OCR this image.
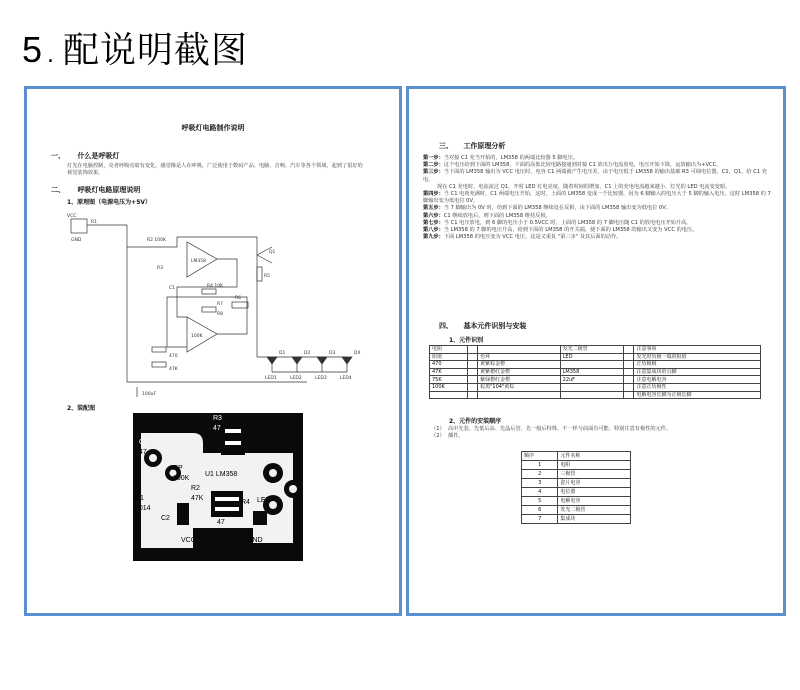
5 . 配说明截图
呼吸灯电路制作说明
一、 什么是呼吸灯
灯光在电脑控制，亮者呼吸亮暗有变化，感觉像是人在呼吸，广泛使用于数码产品、电脑、音响、汽车等各个领域，起到了很好的视觉装饰效果。
二、 呼吸灯电路原理说明
1、原理图（电源电压为+5V）
R1
R2 100K
R3
LM358
R4 10K
C1
R5
Q1
D1	D2	D3	D4
R6
R7
R8
VCC
GND
LED1	LED2	LED3	LED4
470
47K
100K
100uF
2、装配图
R3
47
C1
47
U1 LM358
RP
100K
R2
47K
D1
9014
C2
R4
47
LED
VCC	GND
三、 工作原理分析
第一步：当对接 C1 充当开始的，LM358 的两端比较器 5 脚电压。
第二步：这个电压给到下面的 LM358，下面的高低比较电路接通到对接 C1 放出万电流放电，电压开始下降，运放输出为+VCC。
第三步：当下面的 LM358 输出为 VCC 电压时，电容 C1 两端就产生电压差，由于电压低于 LM358 的输出基础 R3 可调电位器，C1、Q1、给 C1 充电。
现在 C1 充电时，电流流过 Q1，开时 LED 灯电亮度，随着时间的增加，C1 上的充电电流越来越小，灯光的 LED 电流变变暗。
第四步：当 C1 电荷充满时，C1 两端电压开始，这时，上面的 LM358 变成一个比较器，因为 6 脚输入的电压大于 5 脚的输入电压，这时 LM358 的 7 脚输出变为低电位 0V。
第五步：当 7 脚输出为 0V 时，给到下面的 LM358 继续处在反相，由下面的 LM358 输出变为低电位 0V。
第六步：C1 继续放电后，则下面的 LM358 维持反相。
第七步：当 C1 电压放电，到 6 脚的电压小于 0.5VCC 时，上面的 LM358 的 7 脚电压随 C1 的放电电压开始升高。
第八步：当 LM358 的 7 脚的电压升高，给到下面的 LM358 的开关端，使下面的 LM358 的输出又变为 VCC 的电压。
第九步：下面 LM358 的电压变为 VCC 电压，这是又重复 "第三步" 及其后面的动作。
四、 基本元件识别与安装
1、元件识别
电阻			发光二极管		注意事项
阻值		色环	LED		发光时负极一端的阻值
470		黄紫棕金橙			正负极极
47K		黄紫橙红金橙	LM358		注意集成块的引脚
75K		紫绿橙红金橙	22uF		注意电解电容
100K		棕黑"104"黄棕			注意正负极性
					电解电容长脚为正极长脚
2、元件的安装顺序
（1） 高中先装、先低后高、先晶后管、先一般后特殊、不一样与前面有可能、特别注意有极性的元件。
（2） 插件。
顺序	元件名称
1	电阻
2	三极管
3	瓷片电容
4	电位器
5	电解电容
6	发光二极管
7	集成块
